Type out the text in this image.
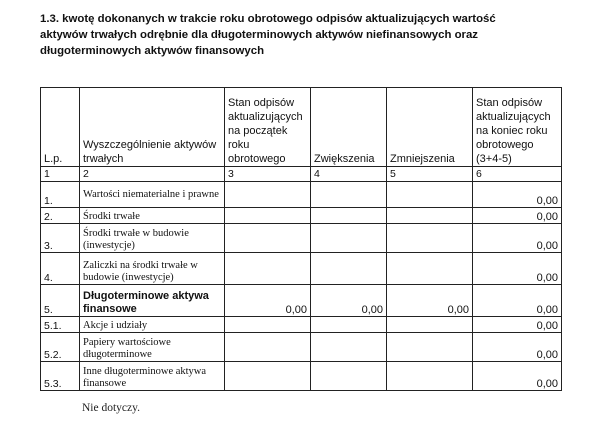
1.3. kwotę dokonanych w trakcie roku obrotowego odpisów aktualizujących wartość
aktywów trwałych odrębnie dla długoterminowych aktywów niefinansowych oraz
długoterminowych aktywów finansowych
L.p.	Wyszczególnienie aktywów trwałych	Stan odpisów aktualizujących na początek roku obrotowego	Zwiększenia	Zmniejszenia	Stan odpisów aktualizujących na koniec roku obrotowego (3+4-5)
1	2	3	4	5	6
1.	Wartości niematerialne i prawne				0,00
2.	Środki trwałe				0,00
3.	Środki trwałe w budowie (inwestycje)				0,00
4.	Zaliczki na środki trwałe w budowie (inwestycje)				0,00
5.	Długoterminowe aktywa finansowe	0,00	0,00	0,00	0,00
5.1.	Akcje i udziały				0,00
5.2.	Papiery wartościowe długoterminowe				0,00
5.3.	Inne długoterminowe aktywa finansowe				0,00
Nie dotyczy.
